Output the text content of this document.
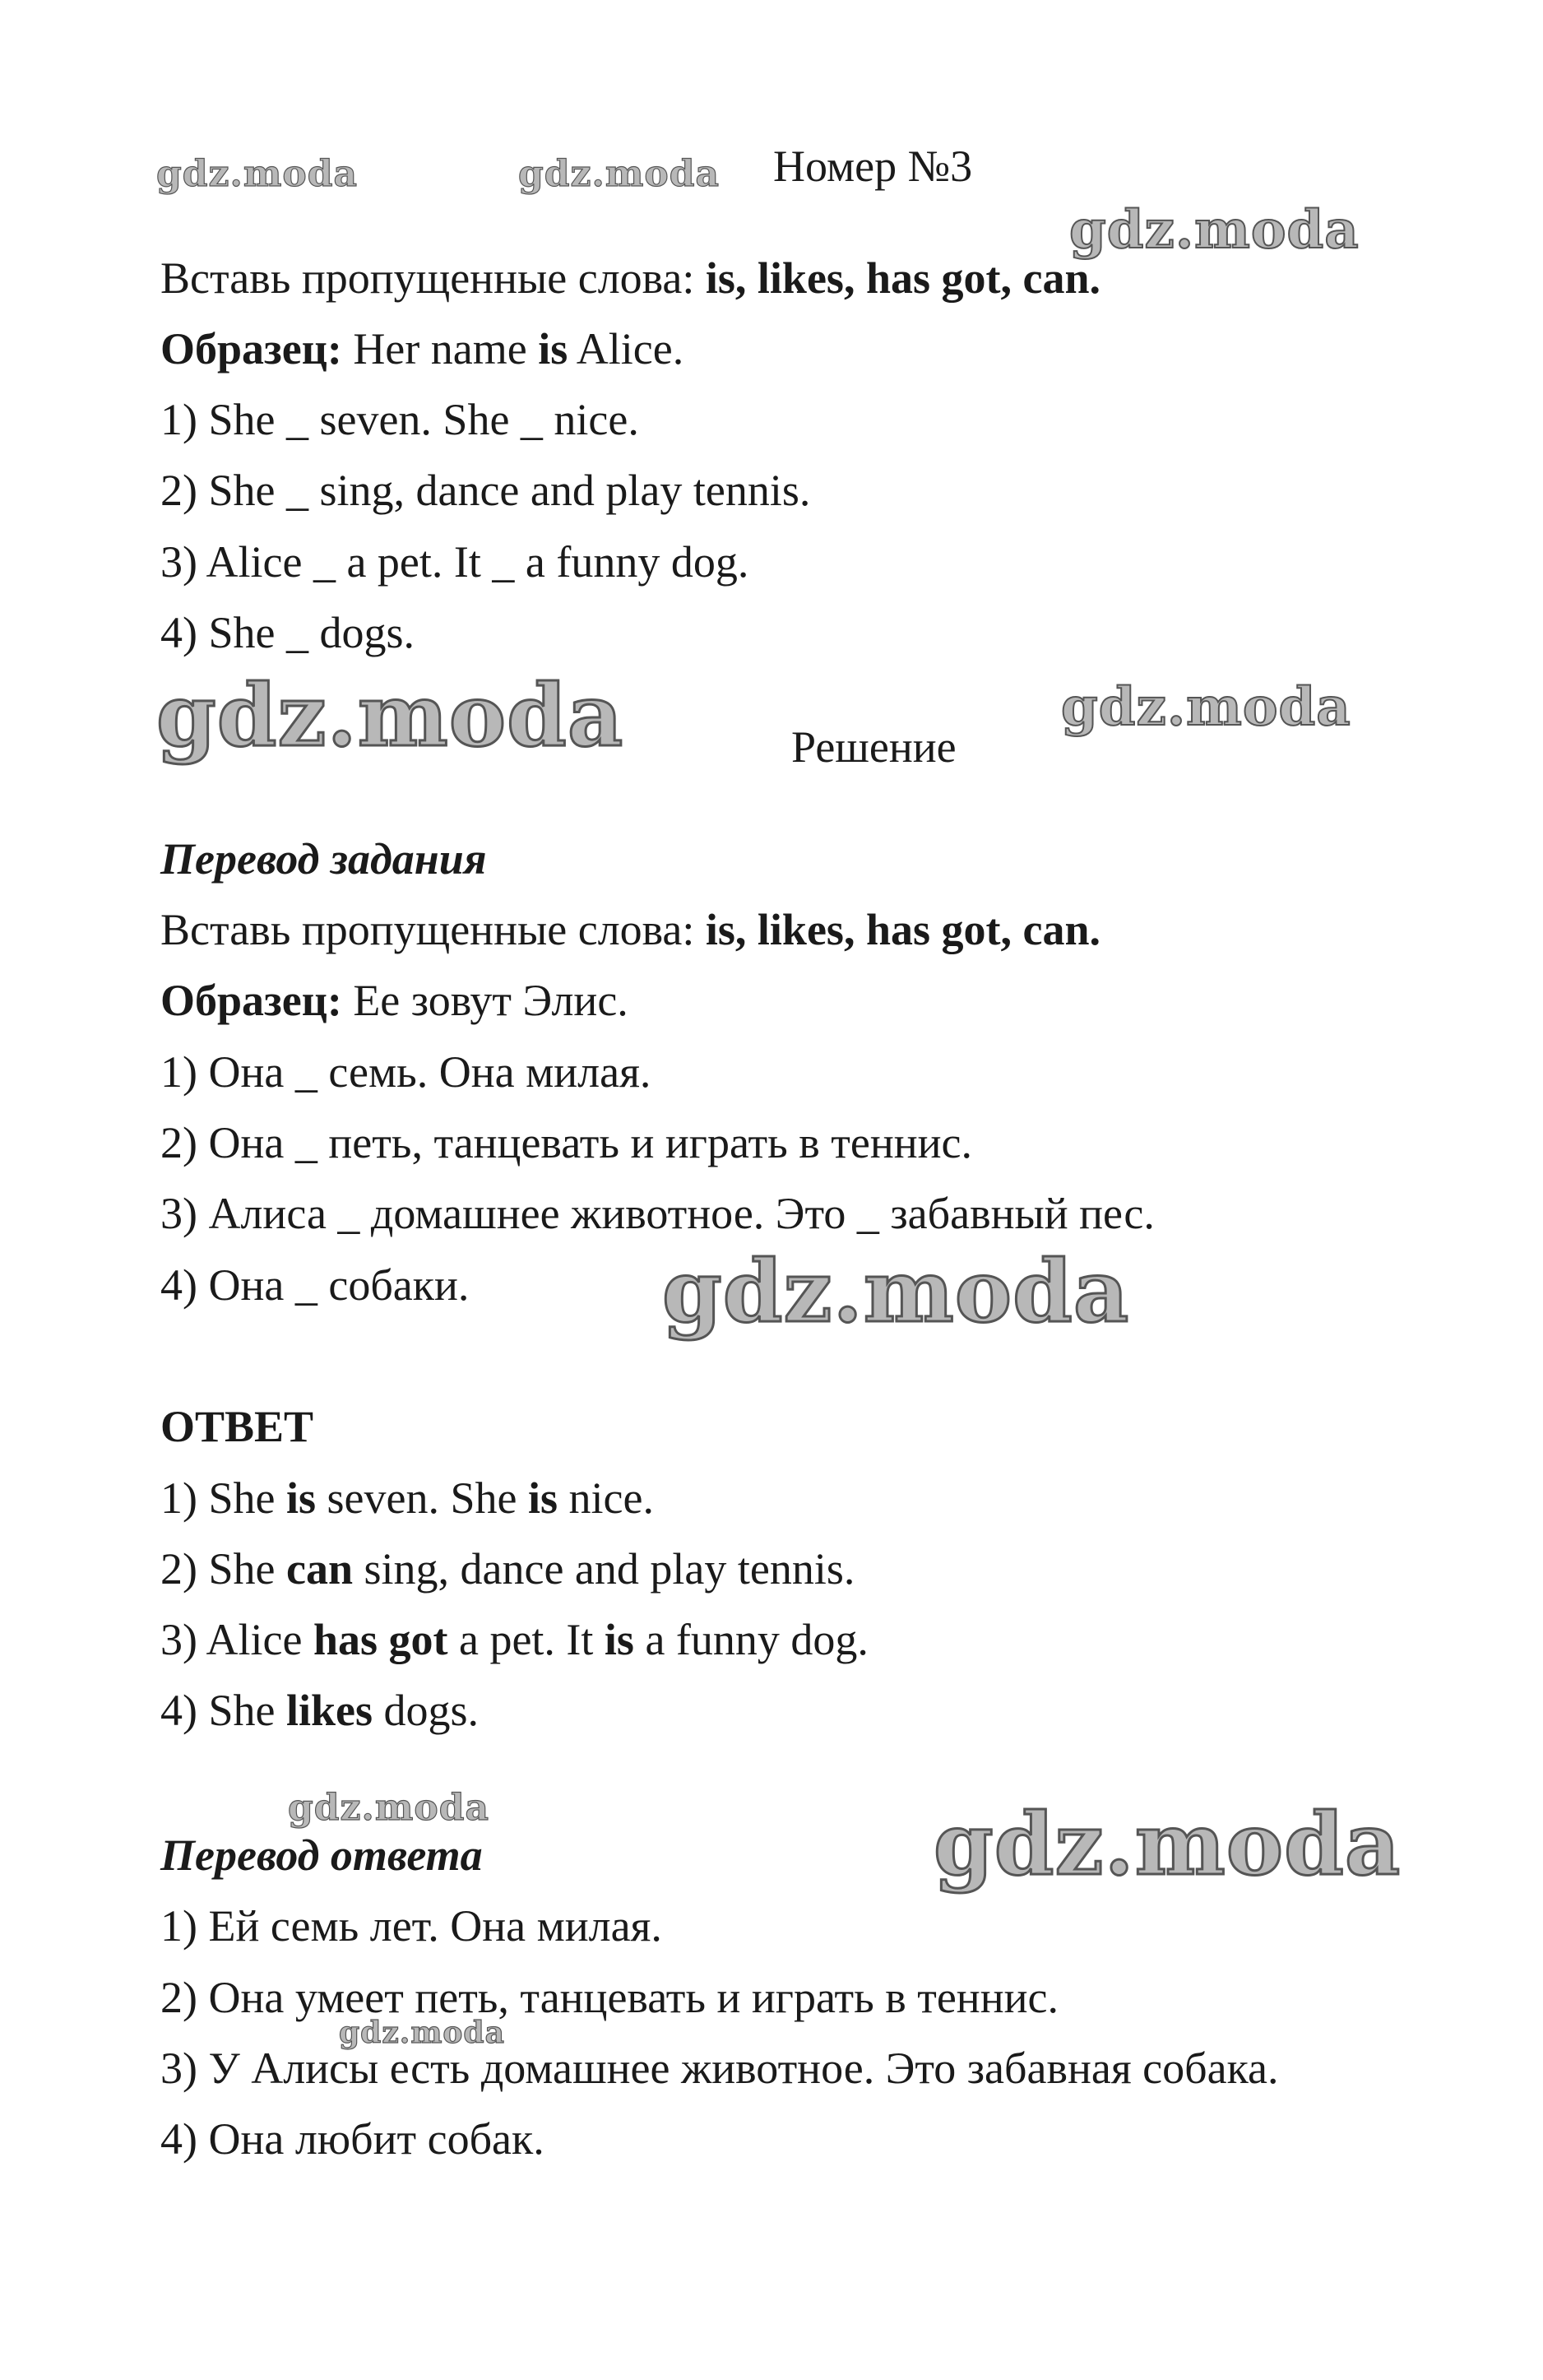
gdz.moda	gdz.moda
gdz.moda
gdz.moda	gdz.moda
gdz.moda
gdz.moda	gdz.moda
gdz.moda
Номер №3
Вставь пропущенные слова: is, likes, has got, can.
Образец: Her name is Alice.
1) She _ seven. She _ nice.
2) She _ sing, dance and play tennis.
3) Alice _ a pet. It _ a funny dog.
4) She _ dogs.
Решение
Перевод задания
Вставь пропущенные слова: is, likes, has got, can.
Образец: Ее зовут Элис.
1) Она _ семь. Она милая.
2) Она _ петь, танцевать и играть в теннис.
3) Алиса _ домашнее животное. Это _ забавный пес.
4) Она _ собаки.
ОТВЕТ
1) She is seven. She is nice.
2) She can sing, dance and play tennis.
3) Alice has got a pet. It is a funny dog.
4) She likes dogs.
Перевод ответа
1) Ей семь лет. Она милая.
2) Она умеет петь, танцевать и играть в теннис.
3) У Алисы есть домашнее животное. Это забавная собака.
4) Она любит собак.
